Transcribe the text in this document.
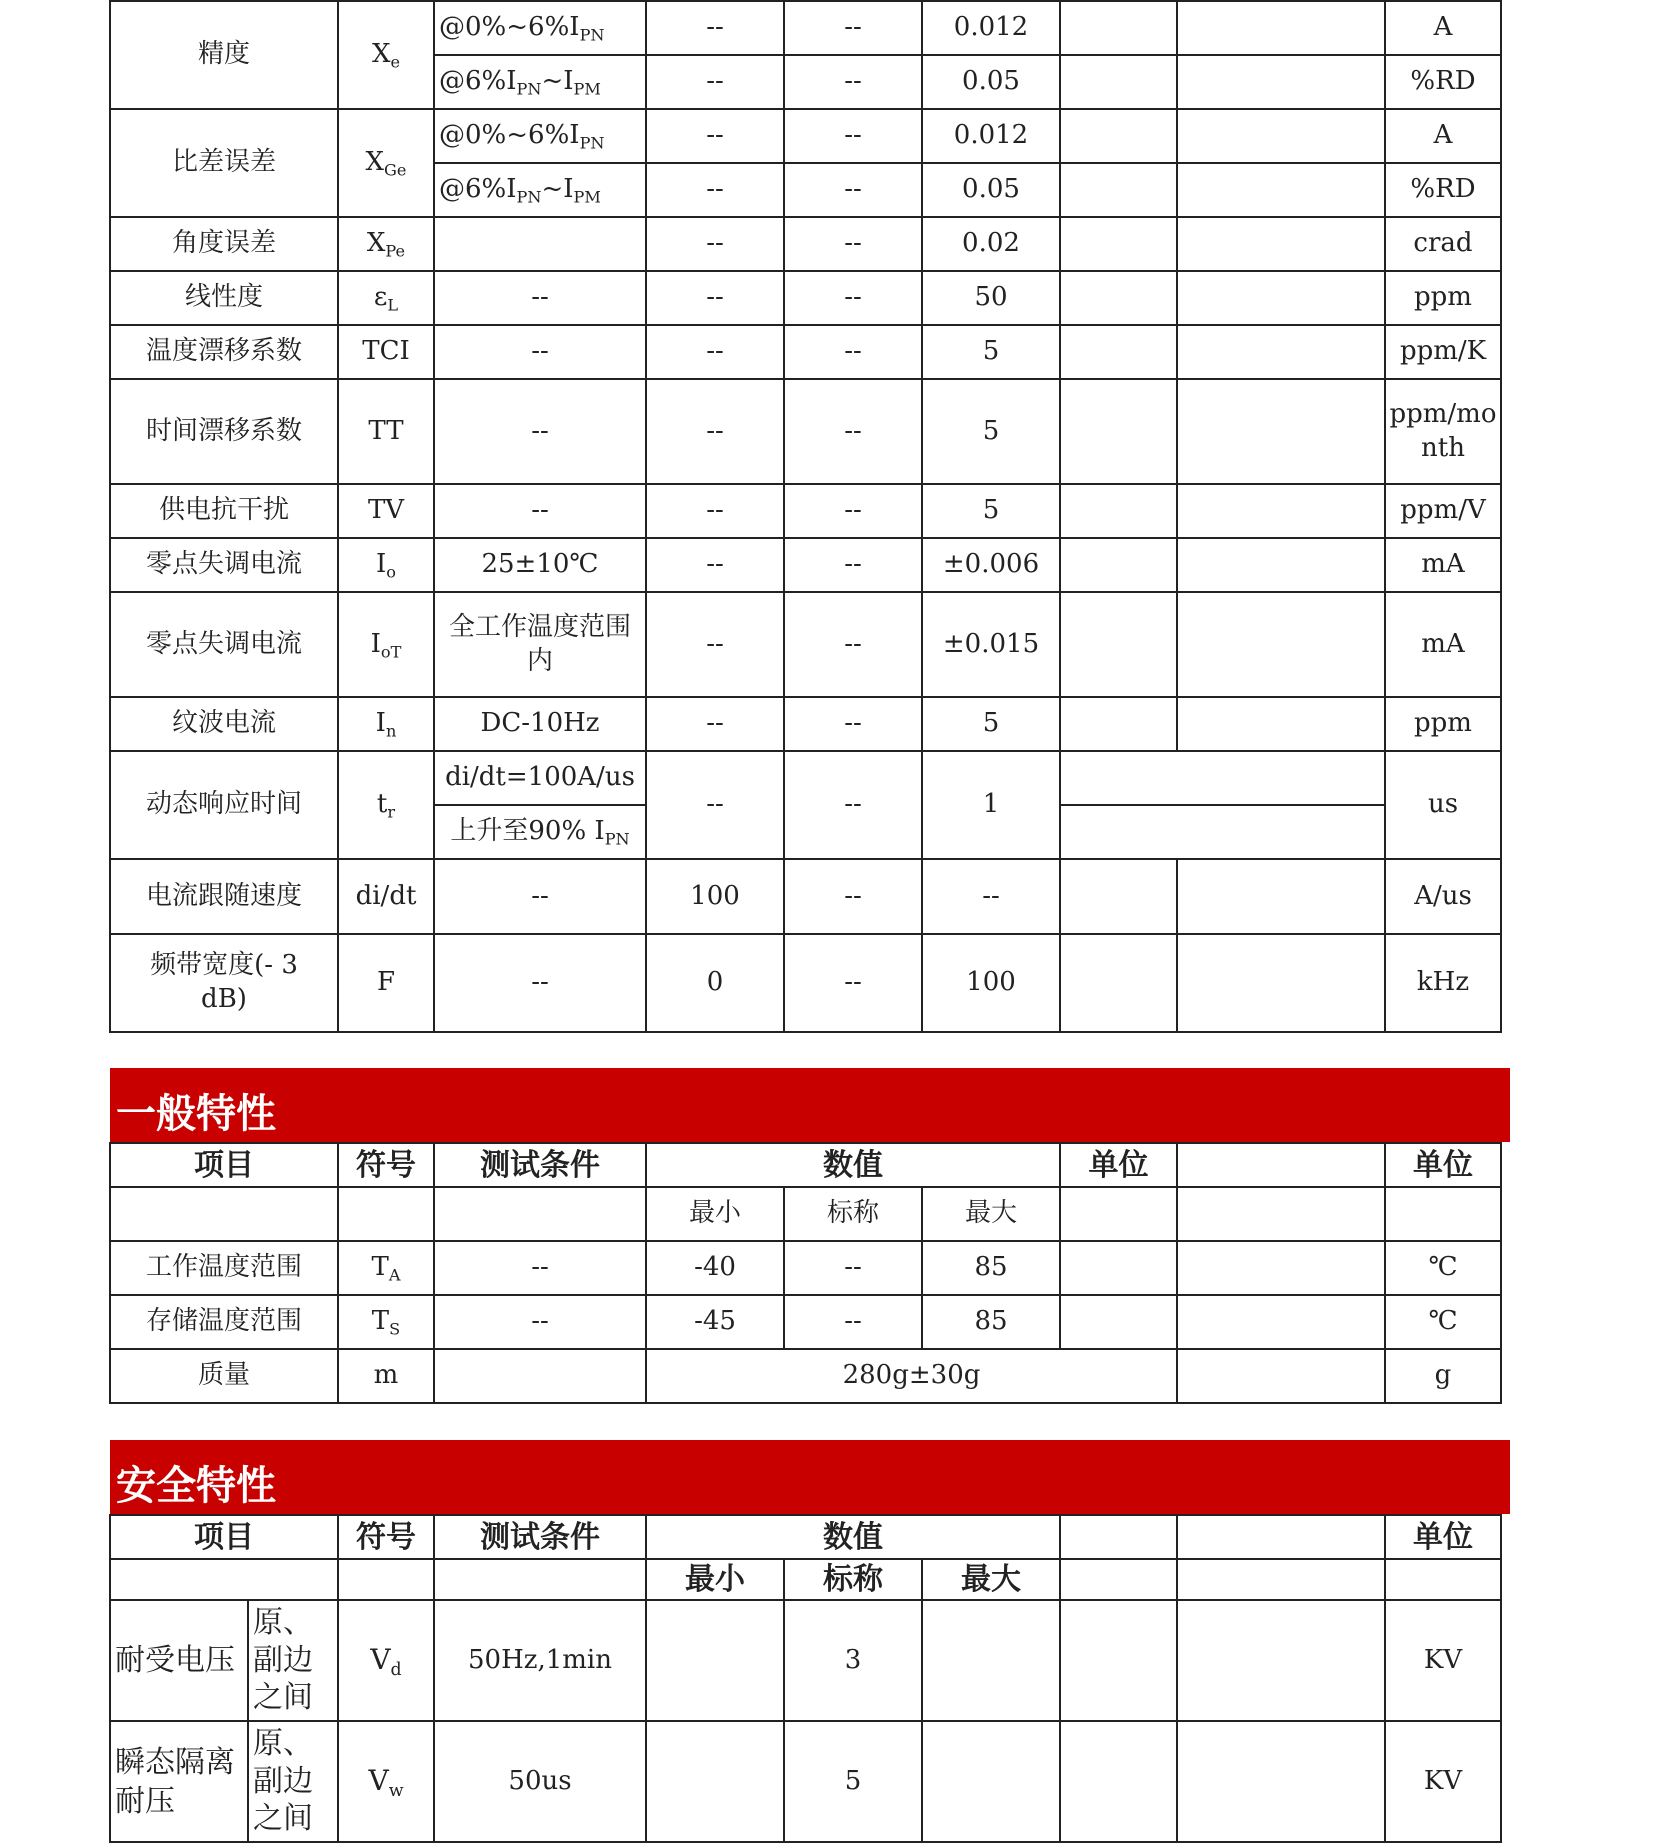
精度	$X_e$	$@0\%\sim 6\%I_{PN}$	--	--	0.012			A
		$@6\%I_{PN}\sim I_{PM}$	--	--	0.05			%RD
比差误差	$X_{Ge}$	$@0\%\sim 6\%I_{PN}$	--	--	0.012			A
		$@6\%I_{PN}\sim I_{PM}$	--	--	0.05			%RD
角度误差	$X_{Pe}$		--	--	0.02			crad
线性度	$\varepsilon_L$	--	--	--	50			ppm
温度漂移系数	TCI	--	--	--	5			ppm/K
时间漂移系数	TT	--	--	--	5			ppm/month
供电抗干扰	TV	--	--	--	5			ppm/V
零点失调电流	$I_o$	25±10℃	--	--	±0.006			mA
零点失调电流	$I_{oT}$	全工作温度范围内	--	--	±0.015			mA
纹波电流	$I_n$	DC-10Hz	--	--	5			ppm
动态响应时间	$t_r$	di/dt=100A/us	--	--	1			us
		上升至90% $I_{PN}$	
电流跟随速度	di/dt	--	100	--	--			A/us
频带宽度(- 3 dB)	F	--	0	--	100			kHz
一般特性
项目	符号	测试条件	数值			单位		单位
			最小	标称	最大			
工作温度范围	$T_A$	--	-40	--	85			℃
存储温度范围	$T_S$	--	-45	--	85			℃
质量	m		280g±30g					g
安全特性
项目		符号	测试条件	数值					单位
				最小	标称	最大			
耐受电压	原、副边之间	$V_d$	50Hz,1min		3				KV
瞬态隔离耐压	原、副边之间	$V_w$	50us		5				KV
